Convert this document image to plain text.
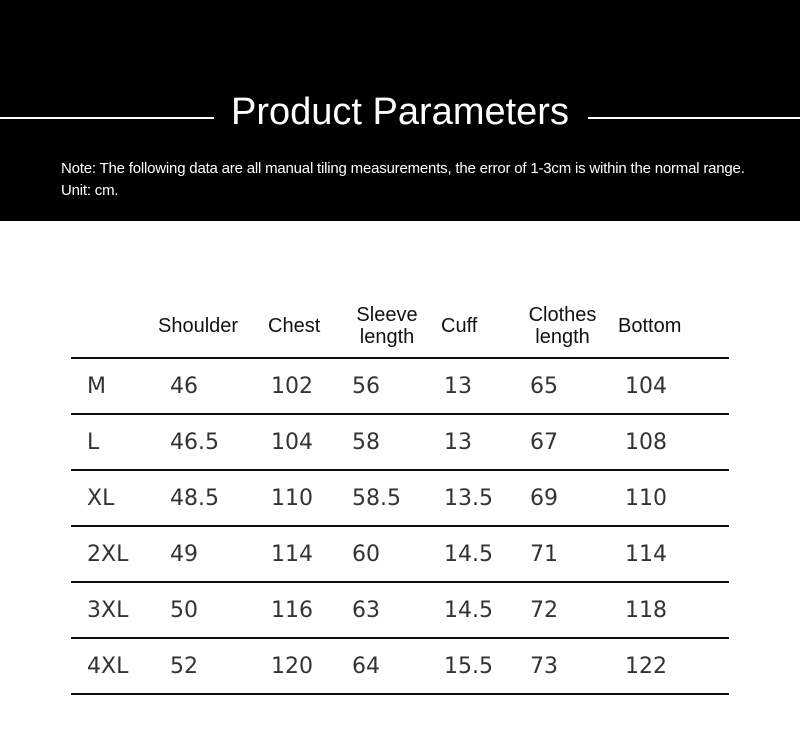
Product Parameters
Note: The following data are all manual tiling measurements, the error of 1-3cm is within the normal range. Unit: cm.
	Shoulder	Chest	Sleeve length	Cuff	Clothes length	Bottom
M	46	102	56	13	65	104
L	46.5	104	58	13	67	108
XL	48.5	110	58.5	13.5	69	110
2XL	49	114	60	14.5	71	114
3XL	50	116	63	14.5	72	118
4XL	52	120	64	15.5	73	122
